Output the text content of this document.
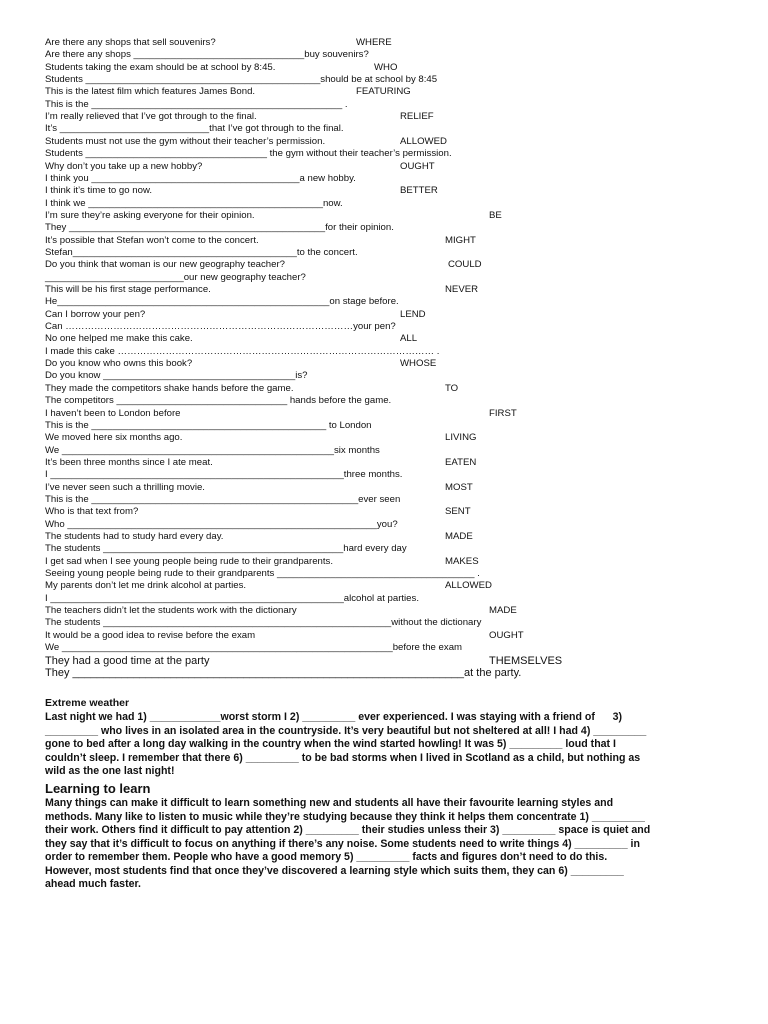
Are there any shops that sell souvenirs?	WHERE
Are there any shops ________________________________buy souvenirs?
Students taking the exam should be at school by 8:45.	WHO
Students ____________________________________________should be at school by 8:45
This is the latest film which features James Bond.	FEATURING
This is the _______________________________________________ .
I’m really relieved that I’ve got through to the final.	RELIEF
It’s ____________________________that I’ve got through to the final.
Students must not use the gym without their teacher’s permission.	ALLOWED
Students __________________________________ the gym without their teacher’s permission.
Why don’t you take up a new hobby?	OUGHT
I think you _______________________________________a new hobby.
I think it’s time to go now.	BETTER
I think we ____________________________________________now.
I’m sure they’re asking everyone for their opinion.	BE
They ________________________________________________for their opinion.
It’s possible that Stefan won’t come to the concert.	MIGHT
Stefan__________________________________________to the concert.
Do you think that woman is our new geography teacher?	COULD
__________________________our new geography teacher?
This will be his first stage performance.	NEVER
He___________________________________________________on stage before.
Can I borrow your pen?	LEND
Can ………………………………………………………………………………your pen?
No one helped me make this cake.	ALL
I made this cake ……………………………………………………………………………………… .
Do you know who owns this book?	WHOSE
Do you know ____________________________________is?
They made the competitors shake hands before the game.	TO
The competitors ________________________________ hands before the game.
I haven’t been to London before	FIRST
This is the ____________________________________________ to London
We moved here six months ago.	LIVING
We ___________________________________________________six months
It’s been three months since I ate meat.	EATEN
I _______________________________________________________three months.
I’ve never seen such a thrilling movie.	MOST
This is the __________________________________________________ever seen
Who is that text from?	SENT
Who __________________________________________________________you?
The students had to study hard every day.	MADE
The students _____________________________________________hard every day
I get sad when I see young people being rude to their grandparents.	MAKES
Seeing young people being rude to their grandparents _____________________________________ .
My parents don’t let me drink alcohol at parties.	ALLOWED
I _______________________________________________________alcohol at parties.
The teachers didn’t let the students work with the dictionary	MADE
The students ______________________________________________________without the dictionary
It would be a good idea to revise before the exam	OUGHT
We ______________________________________________________________before the exam
They had a good time at the party	THEMSELVES
They ________________________________________________________________at the party.
Extreme weather
Last night we had 1) ____________worst storm I 2) _________ ever experienced. I was staying with a friend of      3)
_________ who lives in an isolated area in the countryside. It’s very beautiful but not sheltered at all! I had 4) _________
gone to bed after a long day walking in the country when the wind started howling! It was 5) _________ loud that I
couldn’t sleep. I remember that there 6) _________ to be bad storms when I lived in Scotland as a child, but nothing as
wild as the one last night!
Learning to learn
Many things can make it difficult to learn something new and students all have their favourite learning styles and
methods. Many like to listen to music while they’re studying because they think it helps them concentrate 1) _________
their work. Others find it difficult to pay attention 2) _________ their studies unless their 3) _________ space is quiet and
they say that it’s difficult to focus on anything if there’s any noise. Some students need to write things 4) _________ in
order to remember them. People who have a good memory 5) _________ facts and figures don’t need to do this.
However, most students find that once they’ve discovered a learning style which suits them, they can 6) _________
ahead much faster.
